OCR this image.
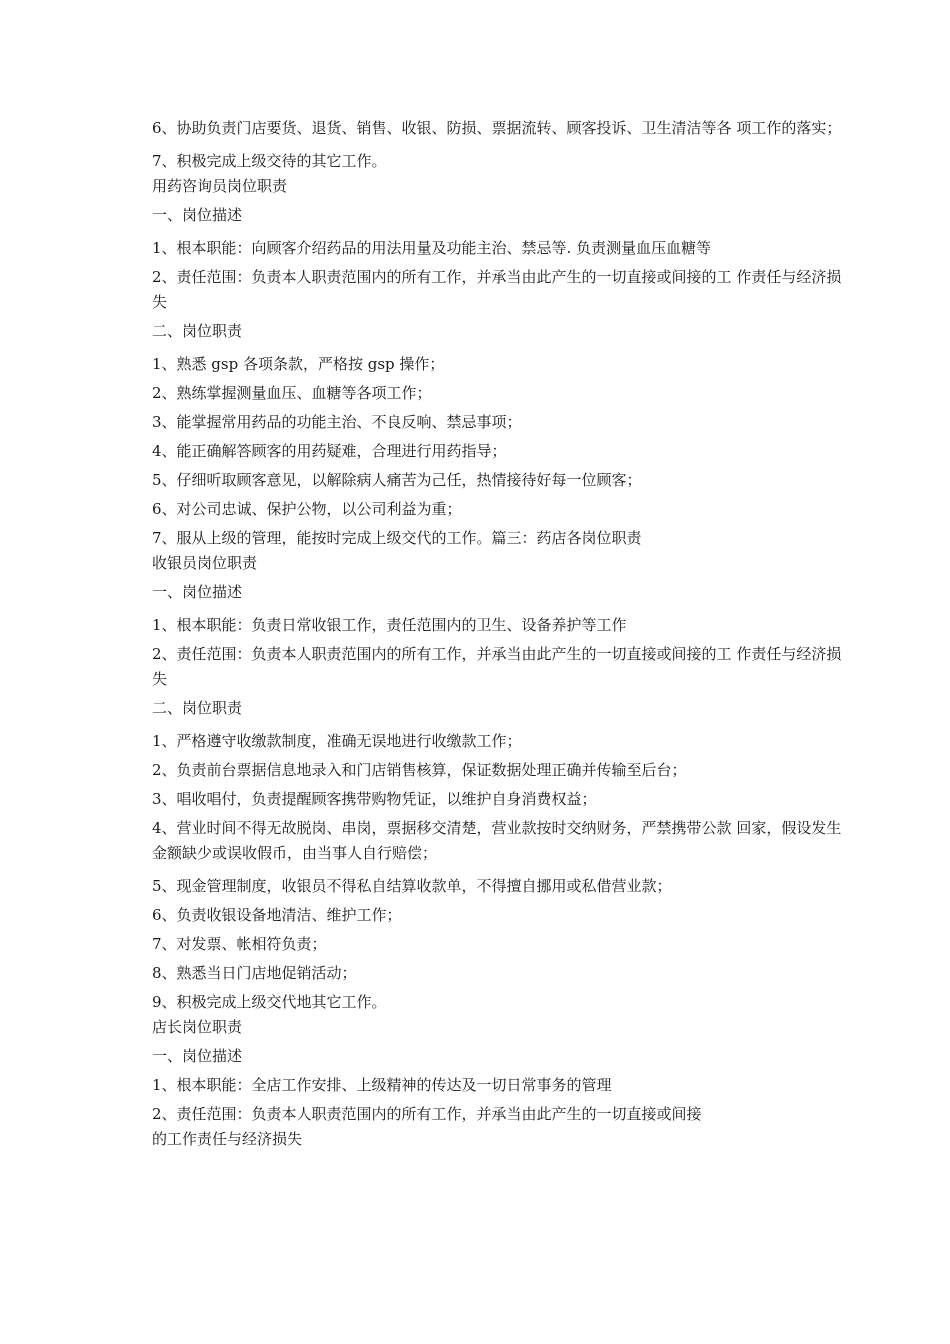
6、协助负责门店要货、退货、销售、收银、防损、票据流转、顾客投诉、卫生清洁等各 项工作的落实；

7、积极完成上级交待的其它工作。

用药咨询员岗位职责

一、岗位描述

1、根本职能：向顾客介绍药品的用法用量及功能主治、禁忌等. 负责测量血压血糖等

2、责任范围：负责本人职责范围内的所有工作，并承当由此产生的一切直接或间接的工 作责任与经济损失

二、岗位职责

1、熟悉 gsp 各项条款，严格按 gsp 操作；

2、熟练掌握测量血压、血糖等各项工作；

3、能掌握常用药品的功能主治、不良反响、禁忌事项；

4、能正确解答顾客的用药疑难，合理进行用药指导；

5、仔细听取顾客意见，以解除病人痛苦为己任，热情接待好每一位顾客；

6、对公司忠诚、保护公物，以公司利益为重；

7、服从上级的管理，能按时完成上级交代的工作。篇三：药店各岗位职责

收银员岗位职责

一、岗位描述

1、根本职能：负责日常收银工作，责任范围内的卫生、设备养护等工作

2、责任范围：负责本人职责范围内的所有工作，并承当由此产生的一切直接或间接的工 作责任与经济损失

二、岗位职责

1、严格遵守收缴款制度，准确无误地进行收缴款工作；

2、负责前台票据信息地录入和门店销售核算，保证数据处理正确并传输至后台；

3、唱收唱付，负责提醒顾客携带购物凭证，以维护自身消费权益；

4、营业时间不得无故脱岗、串岗，票据移交清楚，营业款按时交纳财务，严禁携带公款 回家，假设发生金额缺少或误收假币，由当事人自行赔偿；

5、现金管理制度，收银员不得私自结算收款单，不得擅自挪用或私借营业款；

6、负责收银设备地清洁、维护工作；

7、对发票、帐相符负责；

8、熟悉当日门店地促销活动；

9、积极完成上级交代地其它工作。

店长岗位职责

一、岗位描述

1、根本职能：全店工作安排、上级精神的传达及一切日常事务的管理

2、责任范围：负责本人职责范围内的所有工作，并承当由此产生的一切直接或间接

的工作责任与经济损失
